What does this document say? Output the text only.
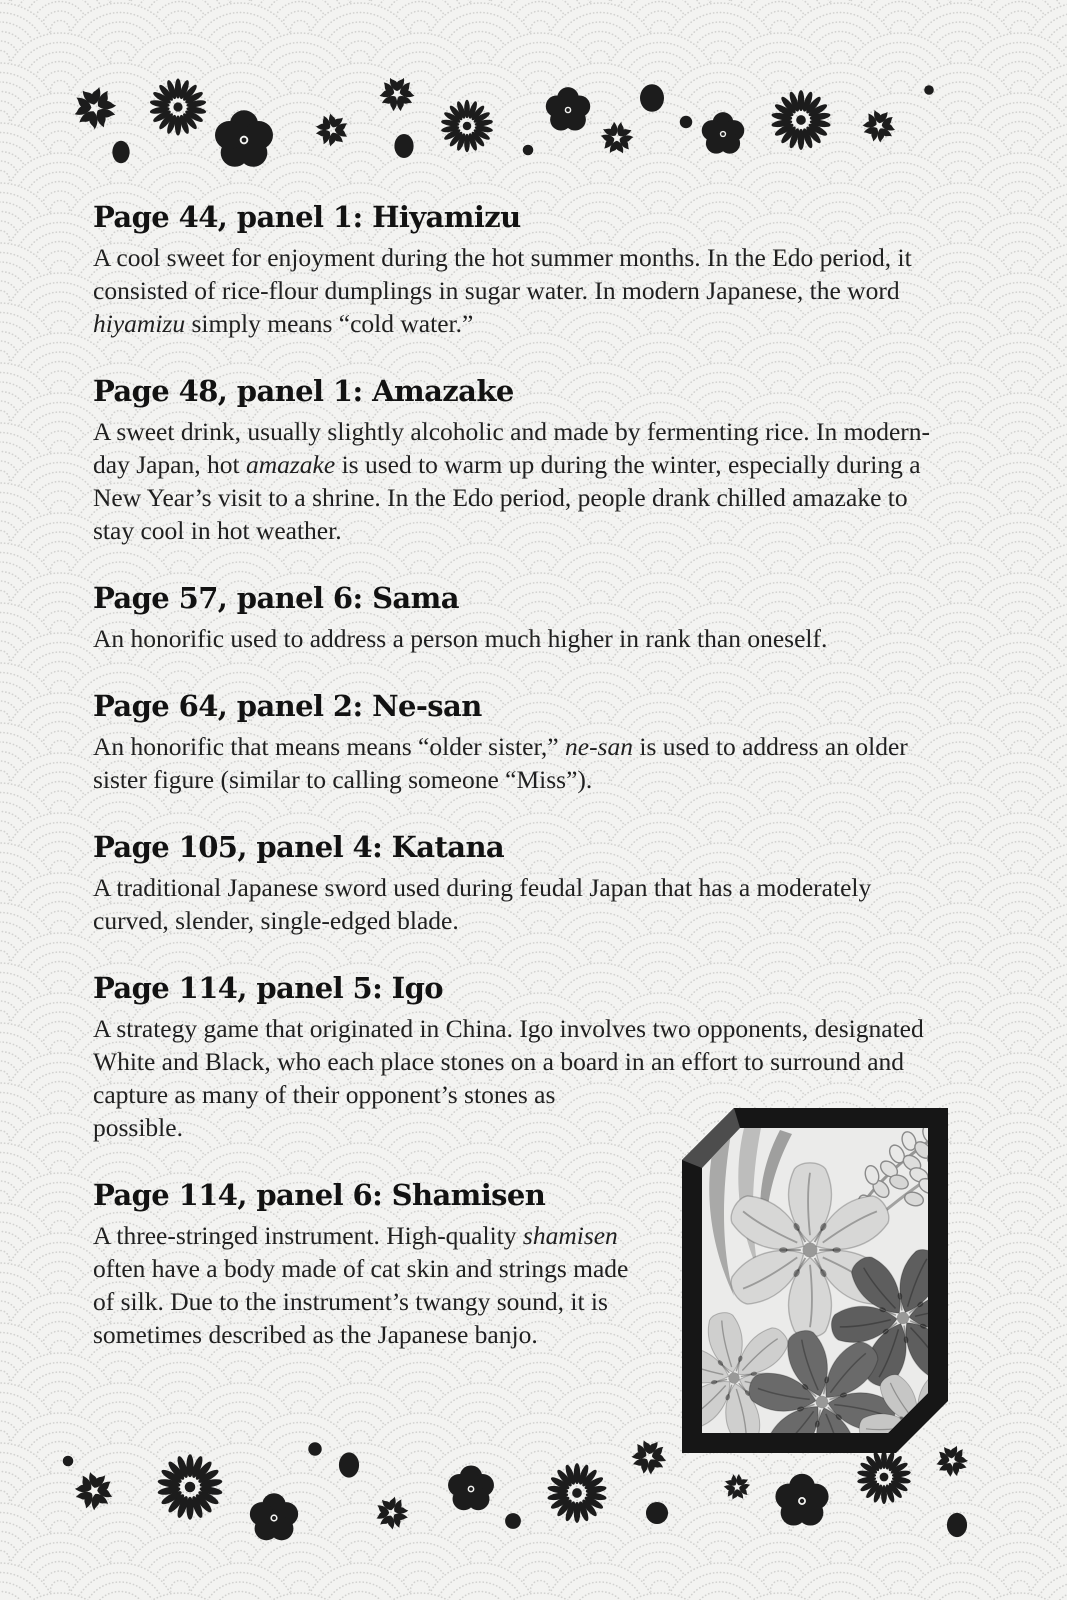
Page 44, panel 1: Hiyamizu

A cool sweet for enjoyment during the hot summer months. In the Edo period, it consisted of rice-flour dumplings in sugar water. In modern Japanese, the word hiyamizu simply means “cold water.”

Page 48, panel 1: Amazake

A sweet drink, usually slightly alcoholic and made by fermenting rice. In modern-day Japan, hot amazake is used to warm up during the winter, especially during a New Year’s visit to a shrine. In the Edo period, people drank chilled amazake to stay cool in hot weather.

Page 57, panel 6: Sama

An honorific used to address a person much higher in rank than oneself.

Page 64, panel 2: Ne-san

An honorific that means means “older sister,” ne-san is used to address an older sister figure (similar to calling someone “Miss”).

Page 105, panel 4: Katana

A traditional Japanese sword used during feudal Japan that has a moderately curved, slender, single-edged blade.

Page 114, panel 5: Igo

A strategy game that originated in China. Igo involves two opponents, designated White and Black, who each place stones on a board in an
effort to surround and capture as many of their opponent’s stones as possible.

Page 114, panel 6: Shamisen

A three-stringed instrument. High-quality shamisen often have a body made of cat skin and strings made of silk. Due to the instrument’s twangy sound, it is sometimes described as the Japanese banjo.
